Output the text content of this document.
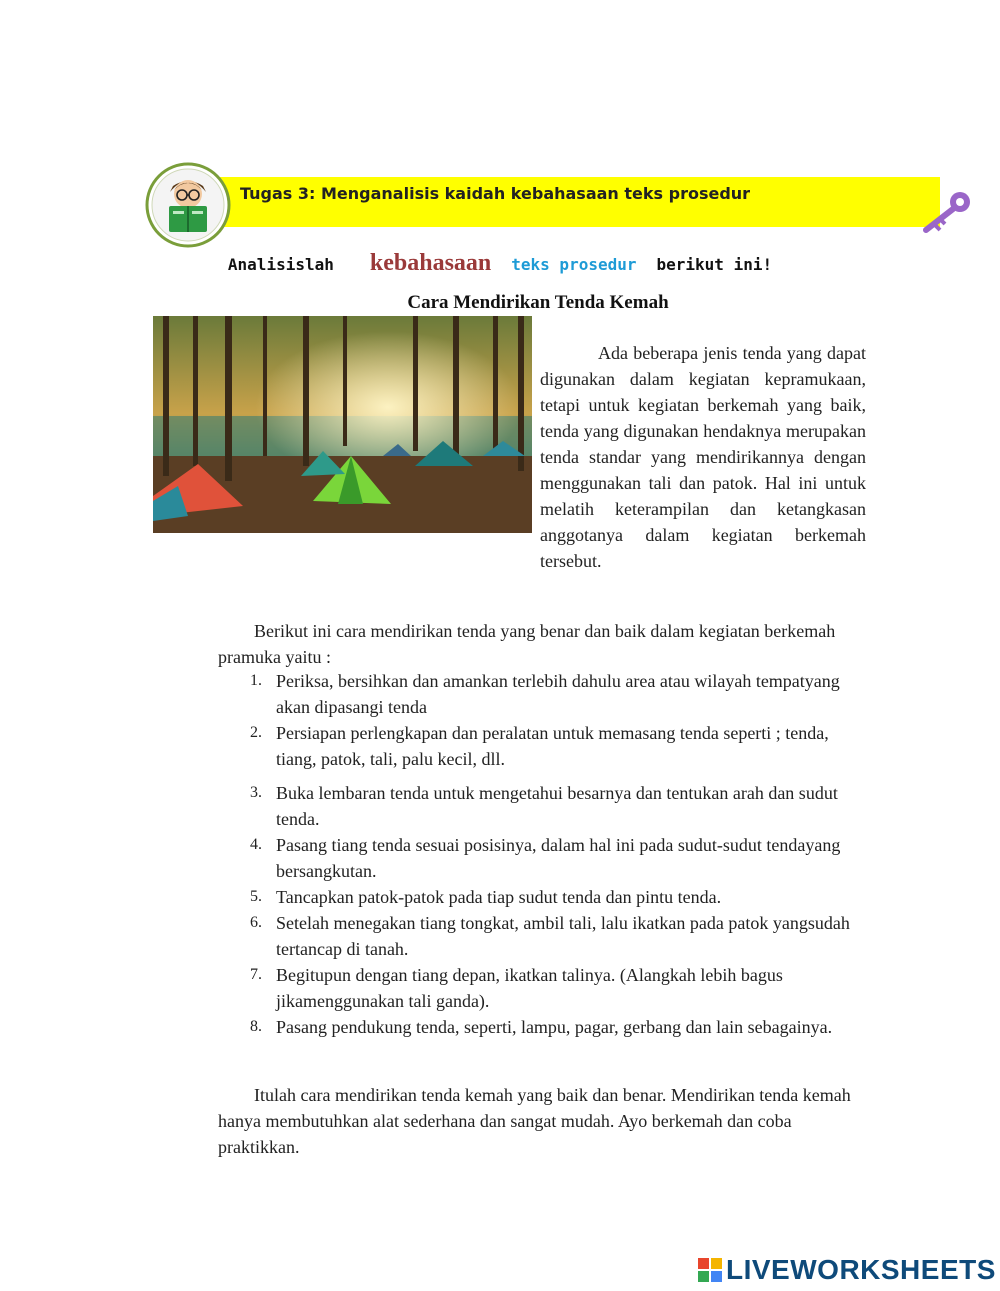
Tugas 3: Menganalisis kaidah kebahasaan teks prosedur
Analisislah kebahasaan teks prosedur berikut ini!
Cara Mendirikan Tenda Kemah
Ada beberapa jenis tenda yang dapat digunakan dalam kegiatan kepramukaan, tetapi untuk kegiatan berkemah yang baik, tenda yang digunakan hendaknya merupakan tenda standar yang mendirikannya dengan menggunakan tali dan patok. Hal ini untuk melatih keterampilan dan ketangkasan anggotanya dalam kegiatan berkemah tersebut.
Berikut ini cara mendirikan tenda yang benar dan baik dalam kegiatan berkemah pramuka yaitu :
1. Periksa, bersihkan dan amankan terlebih dahulu area atau wilayah tempatyang akan dipasangi tenda
2. Persiapan perlengkapan dan peralatan untuk memasang tenda seperti ; tenda, tiang, patok, tali, palu kecil, dll.
3. Buka lembaran tenda untuk mengetahui besarnya dan tentukan arah dan sudut tenda.
4. Pasang tiang tenda sesuai posisinya, dalam hal ini pada sudut-sudut tendayang bersangkutan.
5. Tancapkan patok-patok pada tiap sudut tenda dan pintu tenda.
6. Setelah menegakan tiang tongkat, ambil tali, lalu ikatkan pada patok yangsudah tertancap di tanah.
7. Begitupun dengan tiang depan, ikatkan talinya. (Alangkah lebih bagus jikamenggunakan tali ganda).
8. Pasang pendukung tenda, seperti, lampu, pagar, gerbang dan lain sebagainya.
Itulah cara mendirikan tenda kemah yang baik dan benar. Mendirikan tenda kemah hanya membutuhkan alat sederhana dan sangat mudah. Ayo berkemah dan coba praktikkan.
LIVEWORKSHEETS
